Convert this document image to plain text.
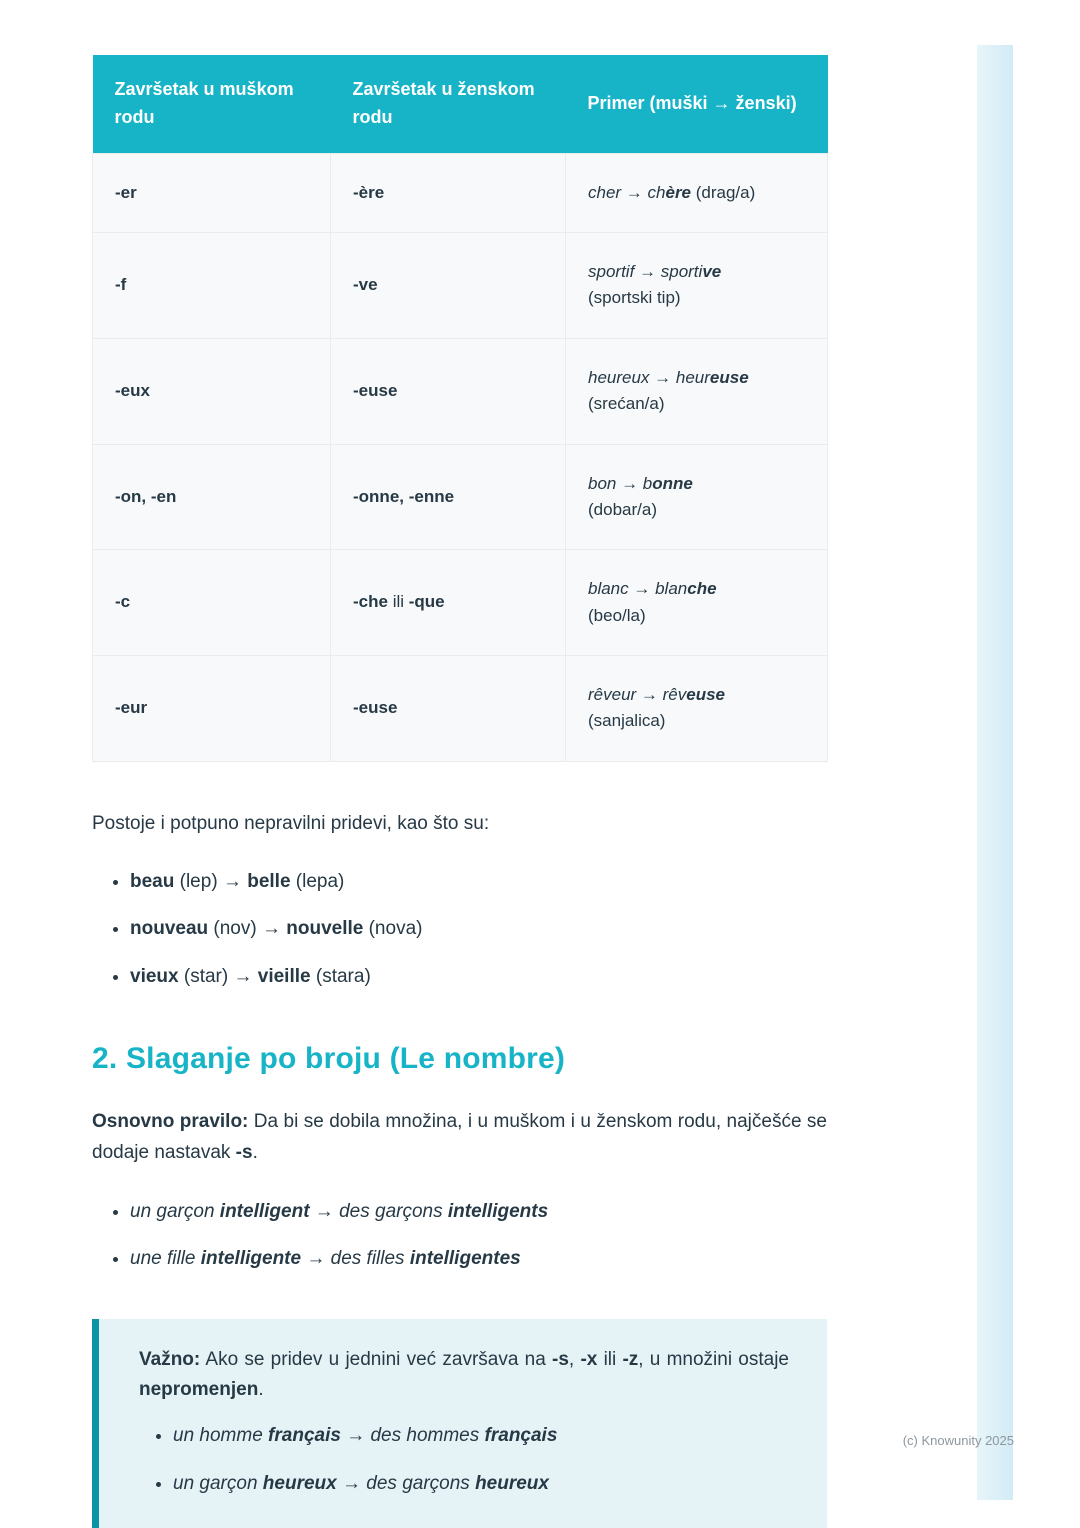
Završetak u muškom rodu	Završetak u ženskom rodu	Primer (muški → ženski)
-er	-ère	cher → chère (drag/a)
-f	-ve	sportif → sportive
(sportski tip)
-eux	-euse	heureux → heureuse
(srećan/a)
-on, -en	-onne, -enne	bon → bonne
(dobar/a)
-c	-che ili -que	blanc → blanche
(beo/la)
-eur	-euse	rêveur → rêveuse
(sanjalica)

Postoje i potpuno nepravilni pridevi, kao što su:

• beau (lep) → belle (lepa)
• nouveau (nov) → nouvelle (nova)
• vieux (star) → vieille (stara)
2. Slaganje po broju (Le nombre)

Osnovno pravilo: Da bi se dobila množina, i u muškom i u ženskom rodu, najčešće se dodaje nastavak -s.

• un garçon intelligent → des garçons intelligents
• une fille intelligente → des filles intelligentes

Važno: Ako se pridev u jednini već završava na -s, -x ili -z, u množini ostaje nepromenjen.

• un homme français → des hommes français
• un garçon heureux → des garçons heureux
(c) Knowunity 2025
